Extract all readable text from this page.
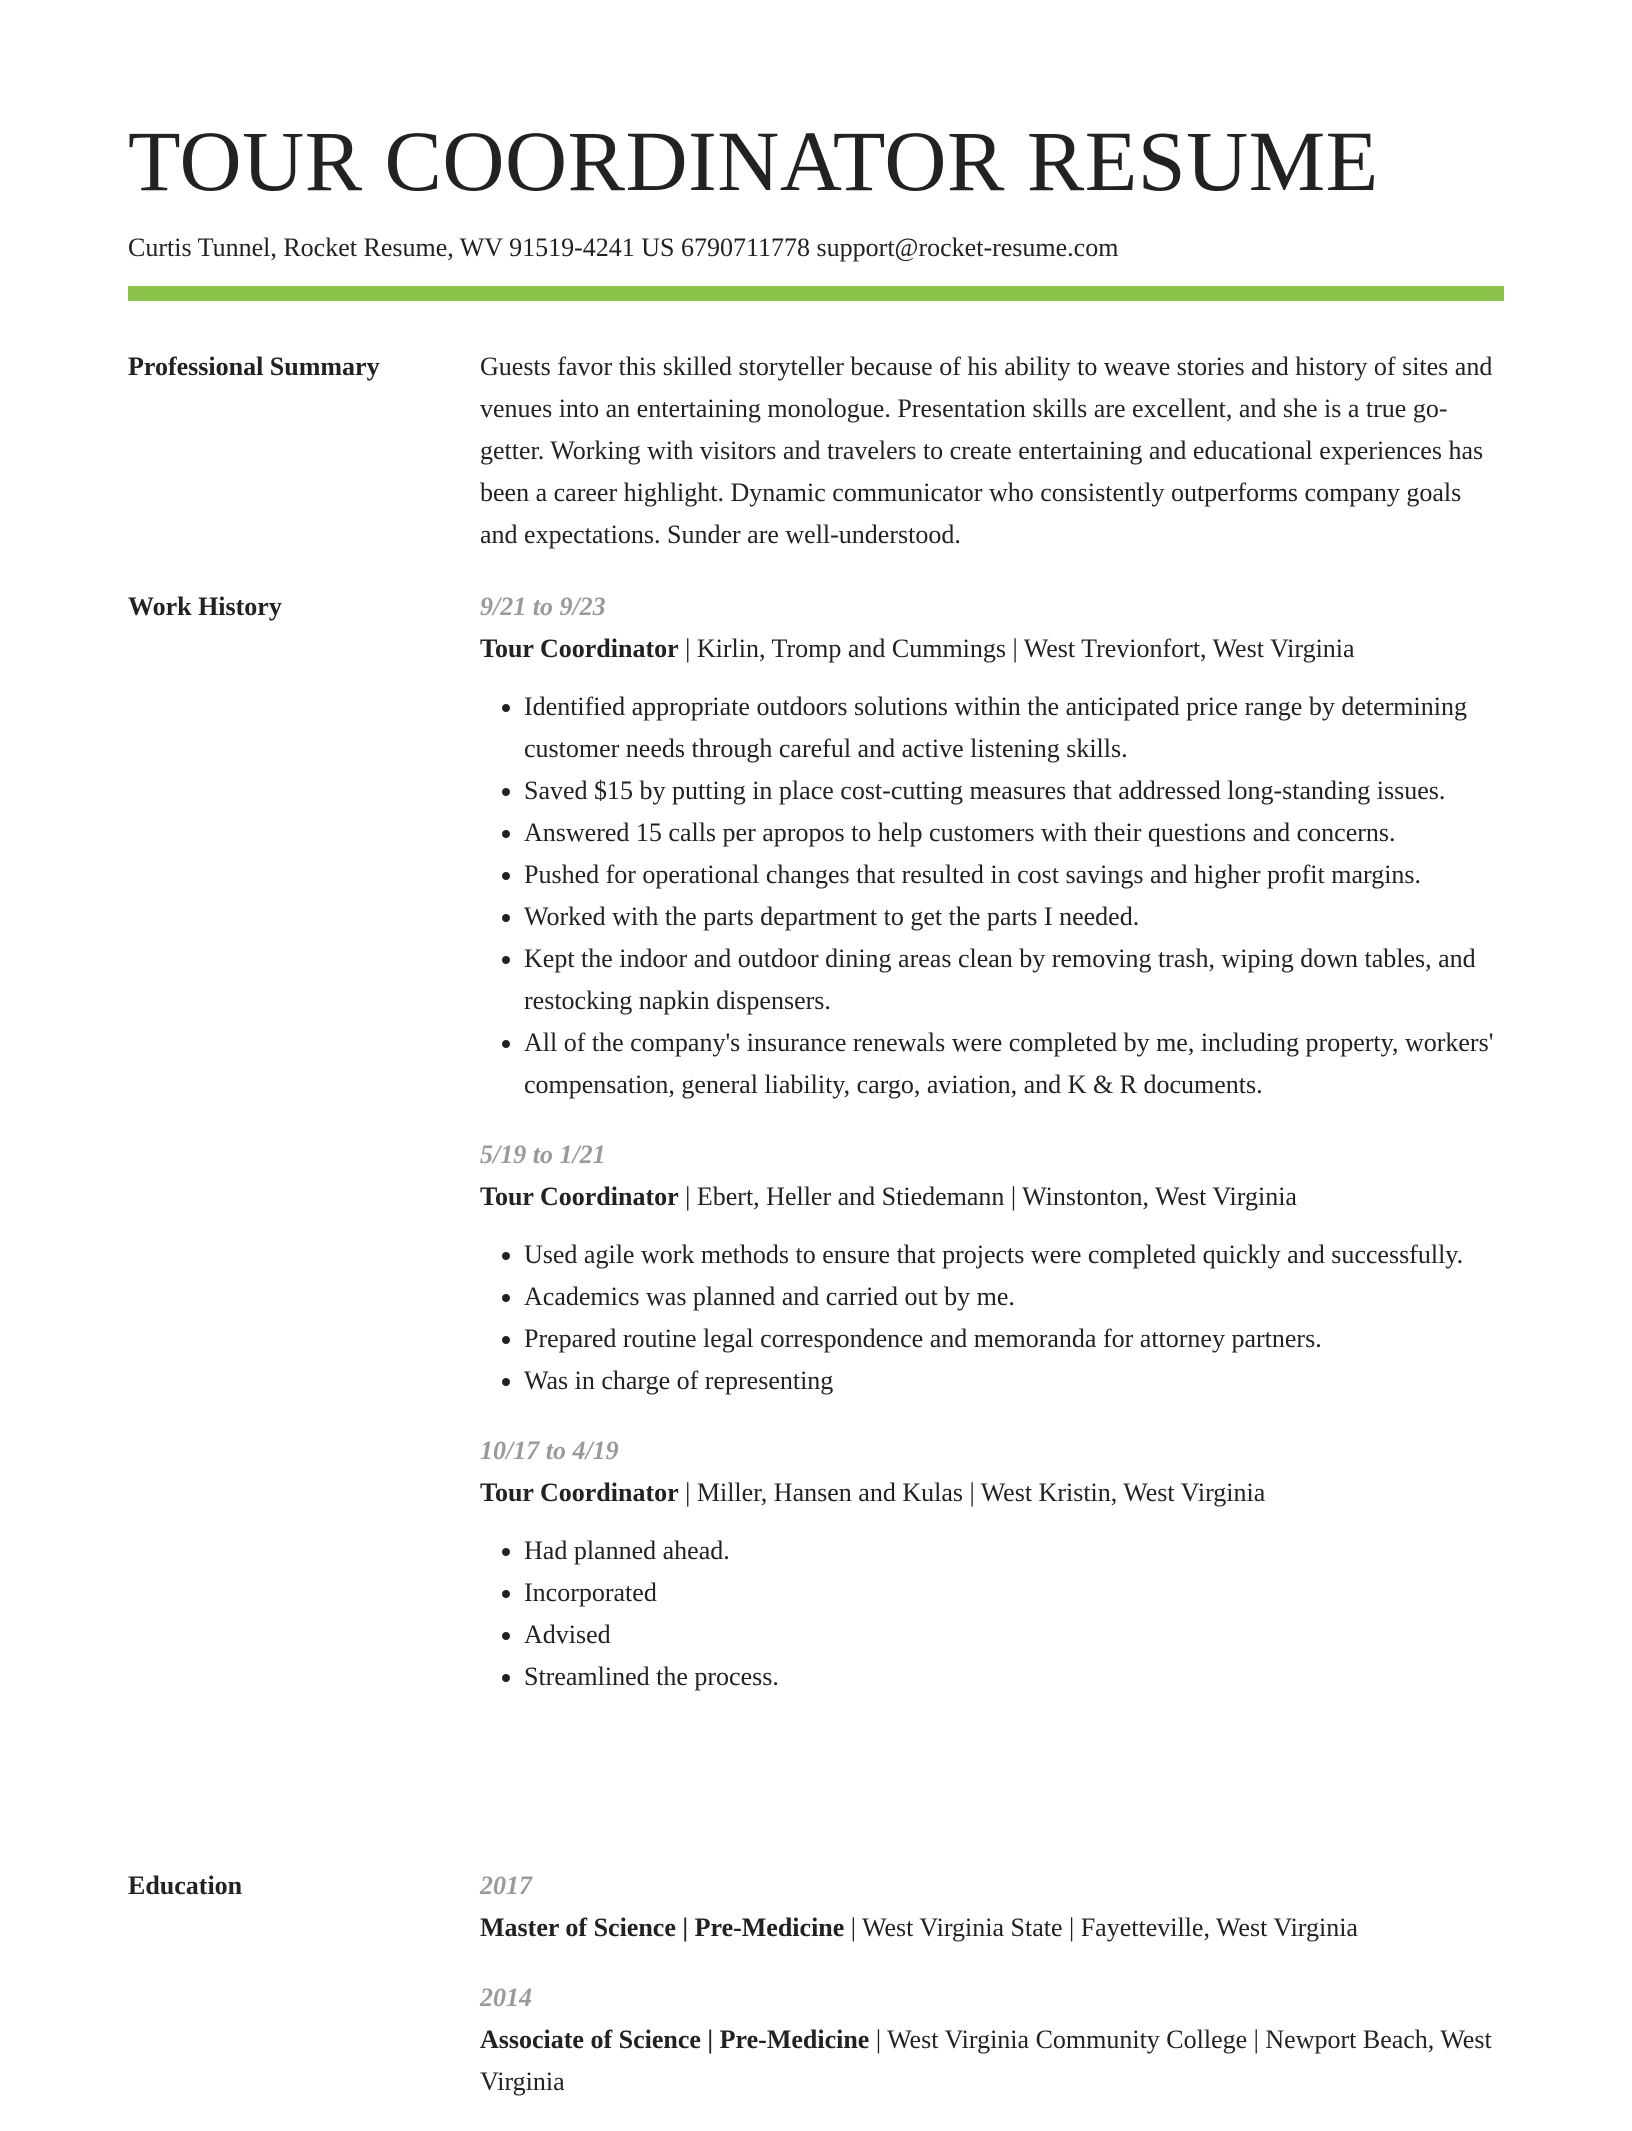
TOUR COORDINATOR RESUME
Curtis Tunnel, Rocket Resume, WV 91519-4241 US 6790711778 support@rocket-resume.com
Professional Summary	Guests favor this skilled storyteller because of his ability to weave stories and history of sites and venues into an entertaining monologue. Presentation skills are excellent, and she is a true go-getter. Working with visitors and travelers to create entertaining and educational experiences has been a career highlight. Dynamic communicator who consistently outperforms company goals and expectations. Sunder are well-understood.

Work History	9/21 to 9/23
Tour Coordinator | Kirlin, Tromp and Cummings | West Trevionfort, West Virginia
• Identified appropriate outdoors solutions within the anticipated price range by determining customer needs through careful and active listening skills.
• Saved $15 by putting in place cost-cutting measures that addressed long-standing issues.
• Answered 15 calls per apropos to help customers with their questions and concerns.
• Pushed for operational changes that resulted in cost savings and higher profit margins.
• Worked with the parts department to get the parts I needed.
• Kept the indoor and outdoor dining areas clean by removing trash, wiping down tables, and restocking napkin dispensers.
• All of the company's insurance renewals were completed by me, including property, workers' compensation, general liability, cargo, aviation, and K & R documents.
5/19 to 1/21
Tour Coordinator | Ebert, Heller and Stiedemann | Winstonton, West Virginia
• Used agile work methods to ensure that projects were completed quickly and successfully.
• Academics was planned and carried out by me.
• Prepared routine legal correspondence and memoranda for attorney partners.
• Was in charge of representing
10/17 to 4/19
Tour Coordinator | Miller, Hansen and Kulas | West Kristin, West Virginia
• Had planned ahead.
• Incorporated
• Advised
• Streamlined the process.
Education	2017
Master of Science | Pre-Medicine | West Virginia State | Fayetteville, West Virginia
2014
Associate of Science | Pre-Medicine | West Virginia Community College | Newport Beach, West Virginia
